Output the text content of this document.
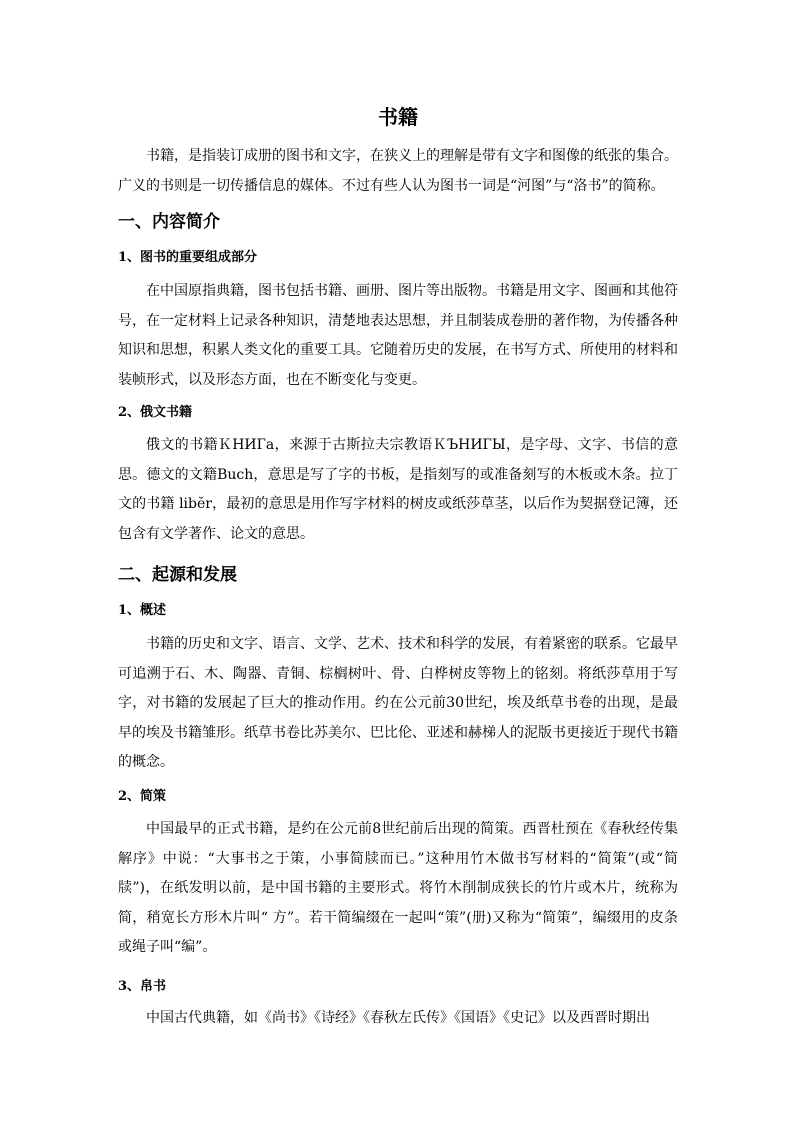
书籍

书籍，是指装订成册的图书和文字，在狭义上的理解是带有文字和图像的纸张的集合。广义的书则是一切传播信息的媒体。不过有些人认为图书一词是“河图”与“洛书”的简称。

一、内容简介
1、图书的重要组成部分

在中国原指典籍，图书包括书籍、画册、图片等出版物。书籍是用文字、图画和其他符号，在一定材料上记录各种知识，清楚地表达思想，并且制装成卷册的著作物，为传播各种知识和思想，积累人类文化的重要工具。它随着历史的发展，在书写方式、所使用的材料和装帧形式，以及形态方面，也在不断变化与变更。

2、俄文书籍

俄文的书籍ＫНИГа，来源于古斯拉夫宗教语ＫЪНИГЫ，是字母、文字、书信的意思。德文的文籍Buch，意思是写了字的书板，是指刻写的或准备刻写的木板或木条。拉丁文的书籍 libĕr，最初的意思是用作写字材料的树皮或纸莎草茎，以后作为契据登记簿，还包含有文学著作、论文的意思。

二、起源和发展
1、概述

书籍的历史和文字、语言、文学、艺术、技术和科学的发展，有着紧密的联系。它最早可追溯于石、木、陶器、青铜、棕榈树叶、骨、白桦树皮等物上的铭刻。将纸莎草用于写字，对书籍的发展起了巨大的推动作用。约在公元前30世纪，埃及纸草书卷的出现，是最早的埃及书籍雏形。纸草书卷比苏美尔、巴比伦、亚述和赫梯人的泥版书更接近于现代书籍的概念。

2、简策

中国最早的正式书籍，是约在公元前8世纪前后出现的简策。西晋杜预在《春秋经传集解序》中说：“大事书之于策，小事简牍而已。”这种用竹木做书写材料的“简策”(或“简牍”)，在纸发明以前，是中国书籍的主要形式。将竹木削制成狭长的竹片或木片，统称为简，稍宽长方形木片叫“ 方”。若干简编缀在一起叫“策”(册)又称为“简策”，编缀用的皮条或绳子叫“编”。

3、帛书

中国古代典籍，如《尚书》《诗经》《春秋左氏传》《国语》《史记》以及西晋时期出
